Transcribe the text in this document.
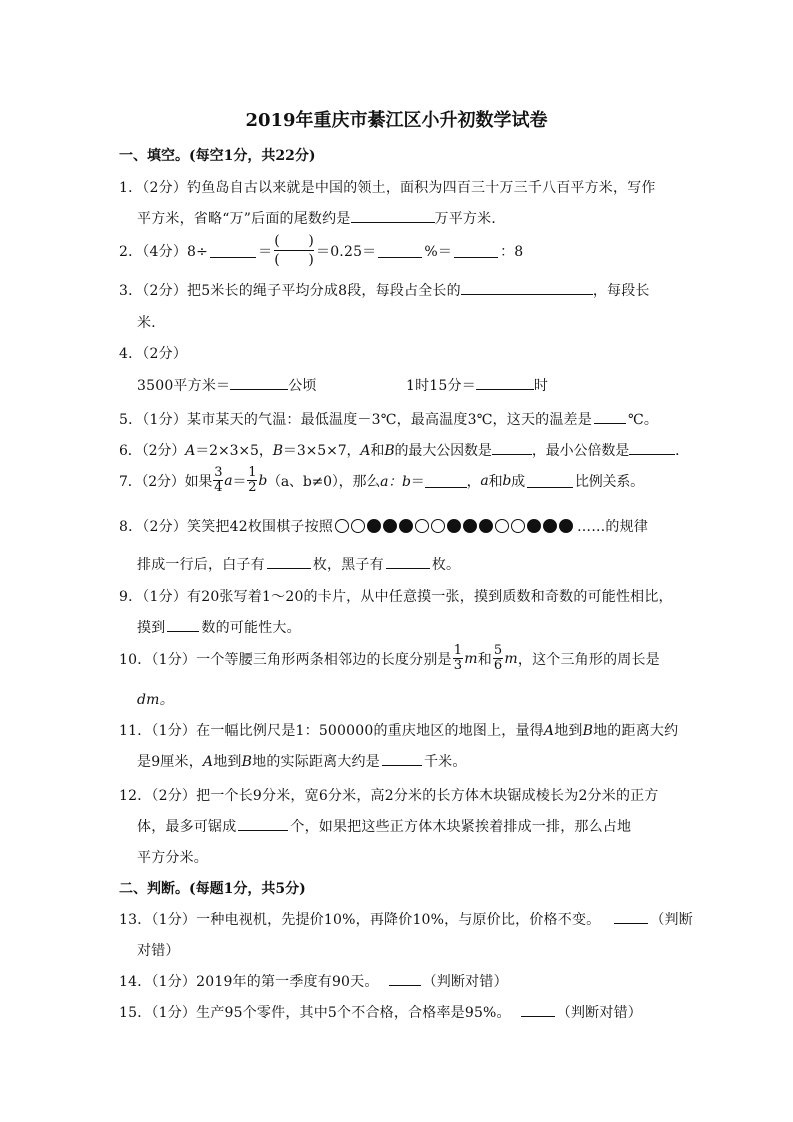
2019年重庆市綦江区小升初数学试卷
一、填空。(每空1分，共22分)
1．（2分）钓鱼岛自古以来就是中国的领土，面积为四百三十万三千八百平方米，写作
平方米，省略“万”后面的尾数约是	万平方米．
2．（4分）8÷	＝
(　　)
(　　)
＝0.25＝	%＝	：8
3．（2分）把5米长的绳子平均分成8段，每段占全长的	，每段长
米．
4．（2分）
3500平方米＝	公顷	1时15分＝	时
5．（1分）某市某天的气温：最低温度－3℃，最高温度3℃，这天的温差是	℃。
6．（2分）A＝2×3×5，B＝3×5×7，A和B的最大公因数是	，最小公倍数是	．
7．（2分）如果 $\frac{3}{4}$ $a = \frac{1}{2}$ b （a、b≠0），那么 a：b ＝	， a 和 b 成	比例关系。
8．（2分）笑笑把42枚围棋子按照	……的规律
排成一行后，白子有	枚，黑子有	枚。
9．（1分）有20张写着1～20的卡片，从中任意摸一张，摸到质数和奇数的可能性相比，
摸到	数的可能性大。
10．（1分）一个等腰三角形两条相邻边的长度分别是 $\frac{1}{3}$ m 和 $\frac{5}{6}$ m ，这个三角形的周长是
dm。
11．（1分）在一幅比例尺是1：500000的重庆地区的地图上，量得A地到B地的距离大约
是9厘米，A地到B地的实际距离大约是	千米。
12．（2分）把一个长9分米，宽6分米，高2分米的长方体木块锯成棱长为2分米的正方
体，最多可锯成	个，如果把这些正方体木块紧挨着排成一排，那么占地
平方分米。
二、判断。(每题1分，共5分)
13．（1分）一种电视机，先提价10%，再降价10%，与原价比，价格不变。	（判断
对错）
14．（1分）2019年的第一季度有90天。	（判断对错）
15．（1分）生产95个零件，其中5个不合格，合格率是95%。	（判断对错）
